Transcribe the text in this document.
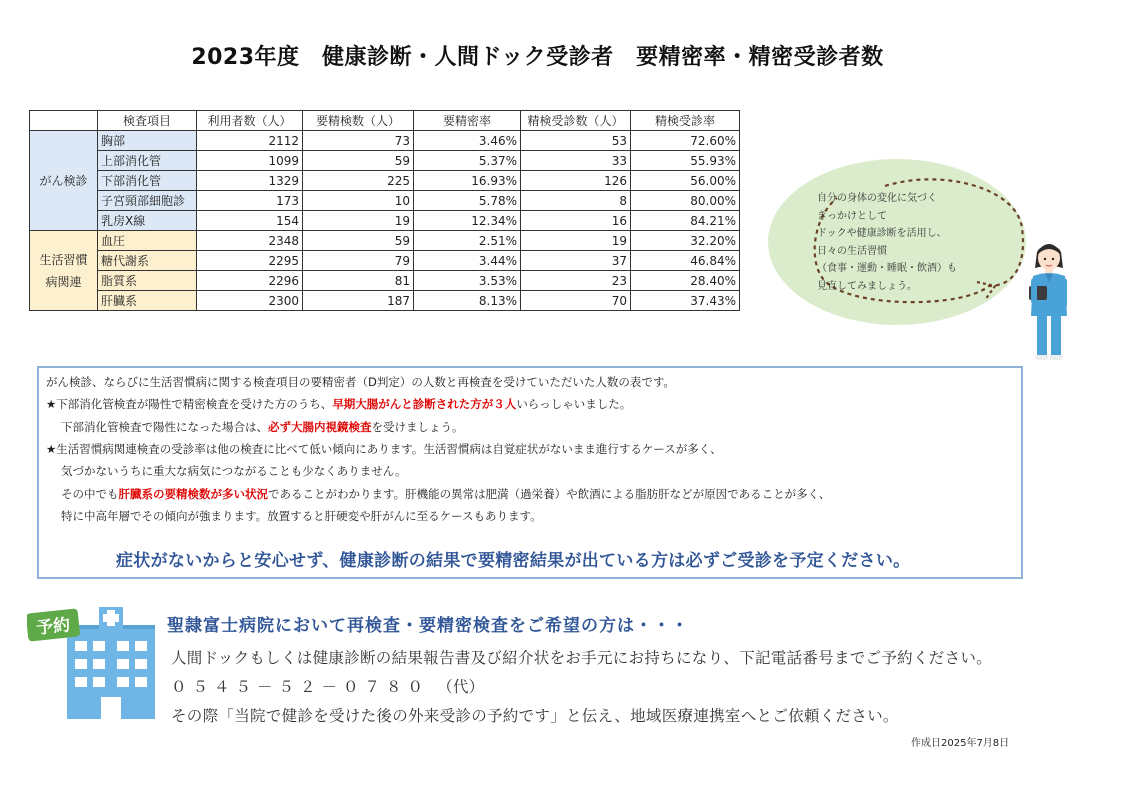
2023年度　健康診断・人間ドック受診者　要精密率・精密受診者数
	検査項目	利用者数（人）	要精検数（人）	要精密率	精検受診数（人）	精検受診率
がん検診	胸部	2112	73	3.46%	53	72.60%
	上部消化管	1099	59	5.37%	33	55.93%
	下部消化管	1329	225	16.93%	126	56.00%
	子宮頸部細胞診	173	10	5.78%	8	80.00%
	乳房X線	154	19	12.34%	16	84.21%
生活習慣
病関連	血圧	2348	59	2.51%	19	32.20%
	糖代謝系	2295	79	3.44%	37	46.84%
	脂質系	2296	81	3.53%	23	28.40%
	肝臓系	2300	187	8.13%	70	37.43%
自分の身体の変化に気づく
きっかけとして
ドックや健康診断を活用し、
日々の生活習慣
（食事・運動・睡眠・飲酒）も
見直してみましょう。
がん検診、ならびに生活習慣病に関する検査項目の要精密者（D判定）の人数と再検査を受けていただいた人数の表です。
★下部消化管検査が陽性で精密検査を受けた方のうち、早期大腸がんと診断された方が３人いらっしゃいました。
下部消化管検査で陽性になった場合は、必ず大腸内視鏡検査を受けましょう。
★生活習慣病関連検査の受診率は他の検査に比べて低い傾向にあります。生活習慣病は自覚症状がないまま進行するケースが多く、
気づかないうちに重大な病気につながることも少なくありません。
その中でも肝臓系の要精検数が多い状況であることがわかります。肝機能の異常は肥満（過栄養）や飲酒による脂肪肝などが原因であることが多く、
特に中高年層でその傾向が強まります。放置すると肝硬変や肝がんに至るケースもあります。
症状がないからと安心せず、健康診断の結果で要精密結果が出ている方は必ずご受診を予定ください。
予約	聖隷富士病院において再検査・要精密検査をご希望の方は・・・
人間ドックもしくは健康診断の結果報告書及び紹介状をお手元にお持ちになり、下記電話番号までご予約ください。
０５４５－５２－０７８０　 （代）
その際「当院で健診を受けた後の外来受診の予約です」と伝え、地域医療連携室へとご依頼ください。
作成日2025年7月8日
